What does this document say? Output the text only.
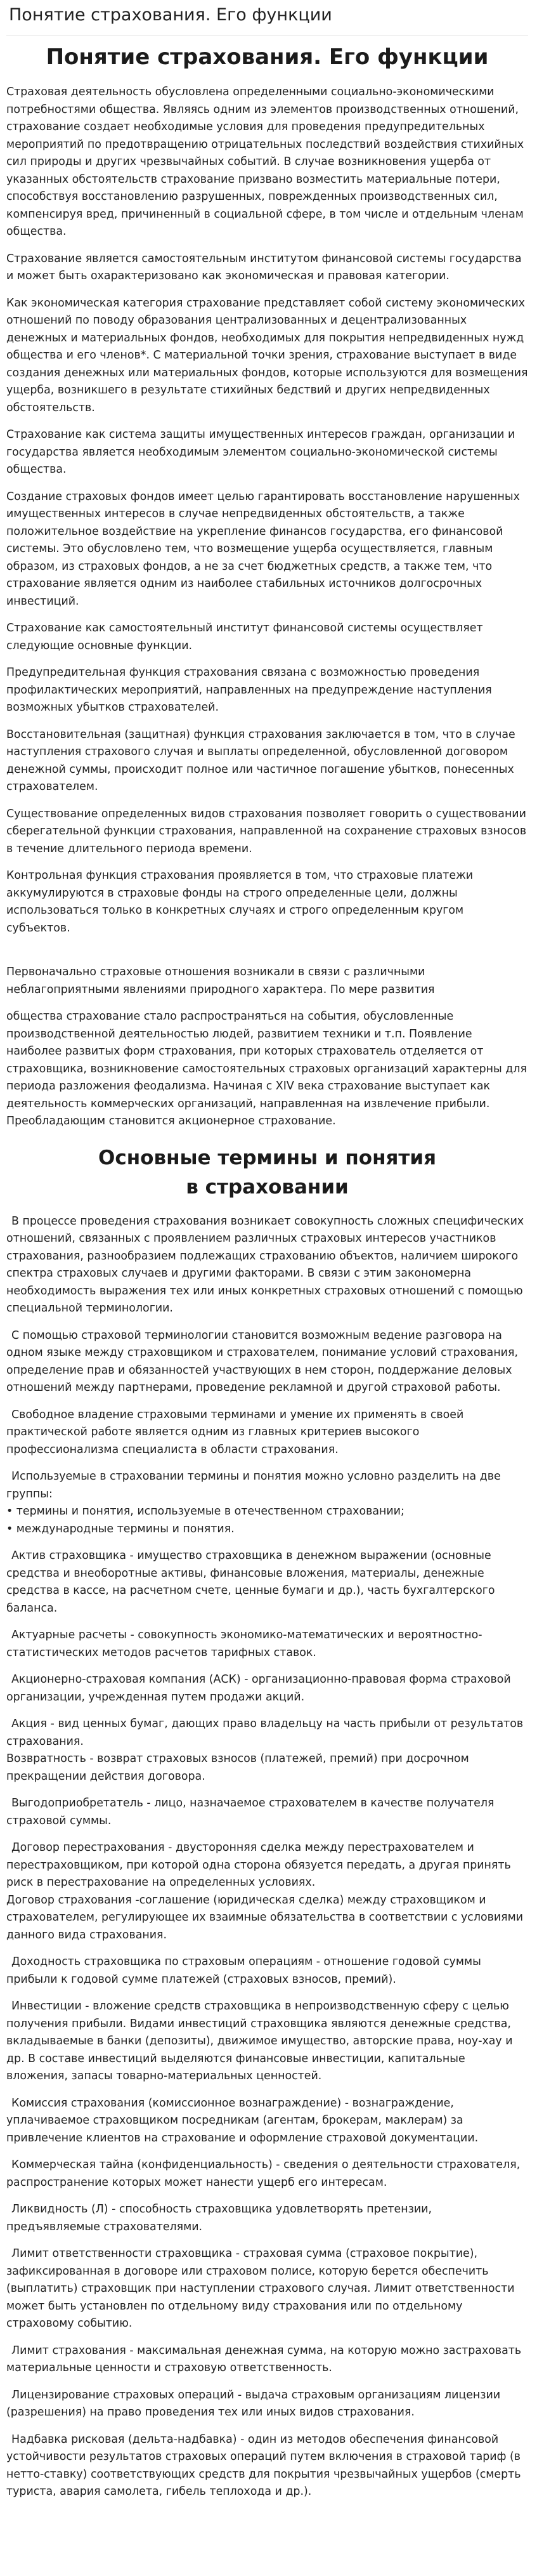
Понятие страхования. Его функции
Понятие страхования. Его функции

Страховая деятельность обусловлена определенными социально-экономическими потребностями общества. Являясь одним из элементов производственных отношений, страхование создает необходимые условия для проведения предупредительных мероприятий по предотвращению отрицательных последствий воздействия стихийных сил природы и других чрезвычайных событий. В случае возникновения ущерба от указанных обстоятельств страхование призвано возместить материальные потери, способствуя восстановлению разрушенных, поврежденных производственных сил, компенсируя вред, причиненный в социальной сфере, в том числе и отдельным членам общества.

Страхование является самостоятельным институтом финансовой системы государства и может быть охарактеризовано как экономическая и правовая категории.

Как экономическая категория страхование представляет собой систему экономических отношений по поводу образования централизованных и децентрализованных денежных и материальных фондов, необходимых для покрытия непредвиденных нужд общества и его членов*. С материальной точки зрения, страхование выступает в виде создания денежных или материальных фондов, которые используются для возмещения ущерба, возникшего в результате стихийных бедствий и других непредвиденных обстоятельств.

Страхование как система защиты имущественных интересов граждан, организации и государства является необходимым элементом социально-экономической системы общества.

Создание страховых фондов имеет целью гарантировать восстановление нарушенных имущественных интересов в случае непредвиденных обстоятельств, а также положительное воздействие на укрепление финансов государства, его финансовой системы. Это обусловлено тем, что возмещение ущерба осуществляется, главным образом, из страховых фондов, а не за счет бюджетных средств, а также тем, что страхование является одним из наиболее стабильных источников долгосрочных инвестиций.

Страхование как самостоятельный институт финансовой системы осуществляет следующие основные функции.

Предупредительная функция страхования связана с возможностью проведения профилактических мероприятий, направленных на предупреждение наступления возможных убытков страхователей.

Восстановительная (защитная) функция страхования заключается в том, что в случае наступления страхового случая и выплаты определенной, обусловленной договором денежной суммы, происходит полное или частичное погашение убытков, понесенных страхователем.

Существование определенных видов страхования позволяет говорить о существовании сберегательной функции страхования, направленной на сохранение страховых взносов в течение длительного периода времени.

Контрольная функция страхования проявляется в том, что страховые платежи аккумулируются в страховые фонды на строго определенные цели, должны использоваться только в конкретных случаях и строго определенным кругом субъектов.

Первоначально страховые отношения возникали в связи с различными неблагоприятными явлениями природного характера. По мере развития

общества страхование стало распространяться на события, обусловленные производственной деятельностью людей, развитием техники и т.п. Появление наиболее развитых форм страхования, при которых страхователь отделяется от страховщика, возникновение самостоятельных страховых организаций характерны для периода разложения феодализма. Начиная с XIV века страхование выступает как деятельность коммерческих организаций, направленная на извлечение прибыли. Преобладающим становится акционерное страхование.

Основные термины и понятия
в страховании

В процессе проведения страхования возникает совокупность сложных специфических отношений, связанных с проявлением различных страховых интересов участников страхования, разнообразием подлежащих страхованию объектов, наличием широкого спектра страховых случаев и другими факторами. В связи с этим закономерна необходимость выражения тех или иных конкретных страховых отношений с помощью специальной терминологии.

С помощью страховой терминологии становится возможным ведение разговора на одном языке между страховщиком и страхователем, понимание условий страхования, определение прав и обязанностей участвующих в нем сторон, поддержание деловых отношений между партнерами, проведение рекламной и другой страховой работы.

Свободное владение страховыми терминами и умение их применять в своей практической работе является одним из главных критериев высокого профессионализма специалиста в области страхования.

Используемые в страховании термины и понятия можно условно разделить на две группы:
• термины и понятия, используемые в отечественном страховании;
• международные термины и понятия.

Актив страховщика - имущество страховщика в денежном выражении (основные средства и внеоборотные активы, финансовые вложения, материалы, денежные средства в кассе, на расчетном счете, ценные бумаги и др.), часть бухгалтерского баланса.

Актуарные расчеты - совокупность экономико-математических и вероятностно-статистических методов расчетов тарифных ставок.

Акционерно-страховая компания (АСК) - организационно-правовая форма страховой организации, учрежденная путем продажи акций.

Акция - вид ценных бумаг, дающих право владельцу на часть прибыли от результатов страхования.
Возвратность - возврат страховых взносов (платежей, премий) при досрочном прекращении действия договора.

Выгодоприобретатель - лицо, назначаемое страхователем в качестве получателя страховой суммы.

Договор перестрахования - двусторонняя сделка между перестрахователем и перестраховщиком, при которой одна сторона обязуется передать, а другая принять риск в перестрахование на определенных условиях.
Договор страхования -соглашение (юридическая сделка) между страховщиком и страхователем, регулирующее их взаимные обязательства в соответствии с условиями данного вида страхования.

Доходность страховщика по страховым операциям - отношение годовой суммы прибыли к годовой сумме платежей (страховых взносов, премий).

Инвестиции - вложение средств страховщика в непроизводственную сферу с целью получения прибыли. Видами инвестиций страховщика являются денежные средства, вкладываемые в банки (депозиты), движимое имущество, авторские права, ноу-хау и др. В составе инвестиций выделяются финансовые инвестиции, капитальные вложения, запасы товарно-материальных ценностей.

Комиссия страхования (комиссионное вознаграждение) - вознаграждение, уплачиваемое страховщиком посредникам (агентам, брокерам, маклерам) за привлечение клиентов на страхование и оформление страховой документации.

Коммерческая тайна (конфиденциальность) - сведения о деятельности страхователя, распространение которых может нанести ущерб его интересам.

Ликвидность (Л) - способность страховщика удовлетворять претензии, предъявляемые страхователями.

Лимит ответственности страховщика - страховая сумма (страховое покрытие), зафиксированная в договоре или страховом полисе, которую берется обеспечить (выплатить) страховщик при наступлении страхового случая. Лимит ответственности может быть установлен по отдельному виду страхования или по отдельному страховому событию.

Лимит страхования - максимальная денежная сумма, на которую можно застраховать материальные ценности и страховую ответственность.

Лицензирование страховых операций - выдача страховым организациям лицензии (разрешения) на право проведения тех или иных видов страхования.

Надбавка рисковая (дельта-надбавка) - один из методов обеспечения финансовой устойчивости результатов страховых операций путем включения в страховой тариф (в нетто-ставку) соответствующих средств для покрытия чрезвычайных ущербов (смерть туриста, авария самолета, гибель теплохода и др.).
